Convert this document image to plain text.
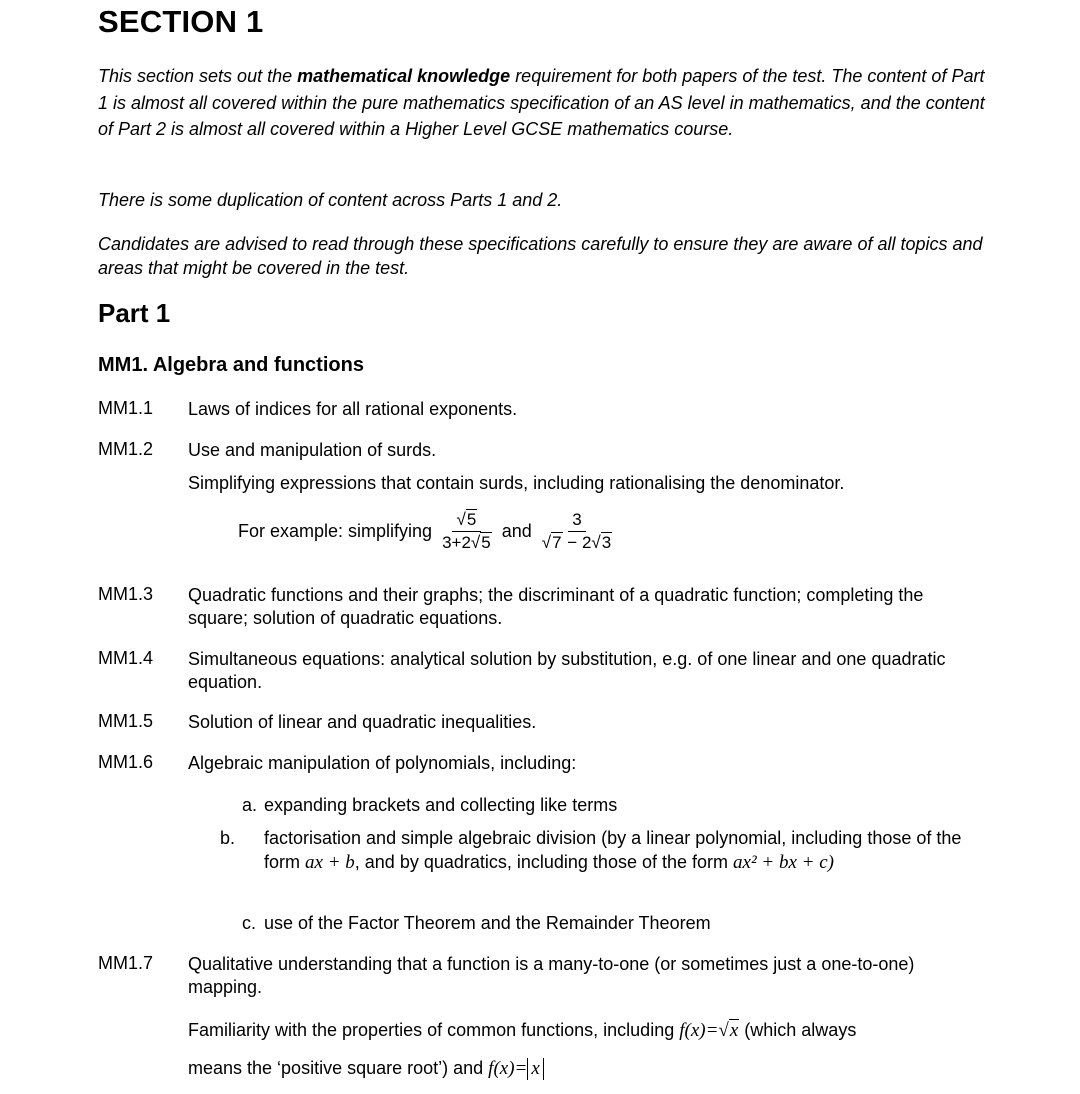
SECTION 1
This section sets out the mathematical knowledge requirement for both papers of the test. The content of Part 1 is almost all covered within the pure mathematics specification of an AS level in mathematics, and the content of Part 2 is almost all covered within a Higher Level GCSE mathematics course.
There is some duplication of content across Parts 1 and 2.
Candidates are advised to read through these specifications carefully to ensure they are aware of all topics and areas that might be covered in the test.
Part 1
MM1. Algebra and functions
MM1.1 Laws of indices for all rational exponents.
MM1.2 Use and manipulation of surds.
Simplifying expressions that contain surds, including rationalising the denominator.
For example: simplifying $\frac{√5}{3+2√5}$ and $\frac{3}{√7 - 2√3}$
MM1.3 Quadratic functions and their graphs; the discriminant of a quadratic function; completing the square; solution of quadratic equations.
MM1.4 Simultaneous equations: analytical solution by substitution, e.g. of one linear and one quadratic equation.
MM1.5 Solution of linear and quadratic inequalities.
MM1.6 Algebraic manipulation of polynomials, including:
a. expanding brackets and collecting like terms
b. factorisation and simple algebraic division (by a linear polynomial, including those of the form ax + b, and by quadratics, including those of the form ax² + bx + c)
c. use of the Factor Theorem and the Remainder Theorem
MM1.7 Qualitative understanding that a function is a many-to-one (or sometimes just a one-to-one) mapping.
Familiarity with the properties of common functions, including f(x)=√x (which always
means the ‘positive square root’) and f(x)= x
